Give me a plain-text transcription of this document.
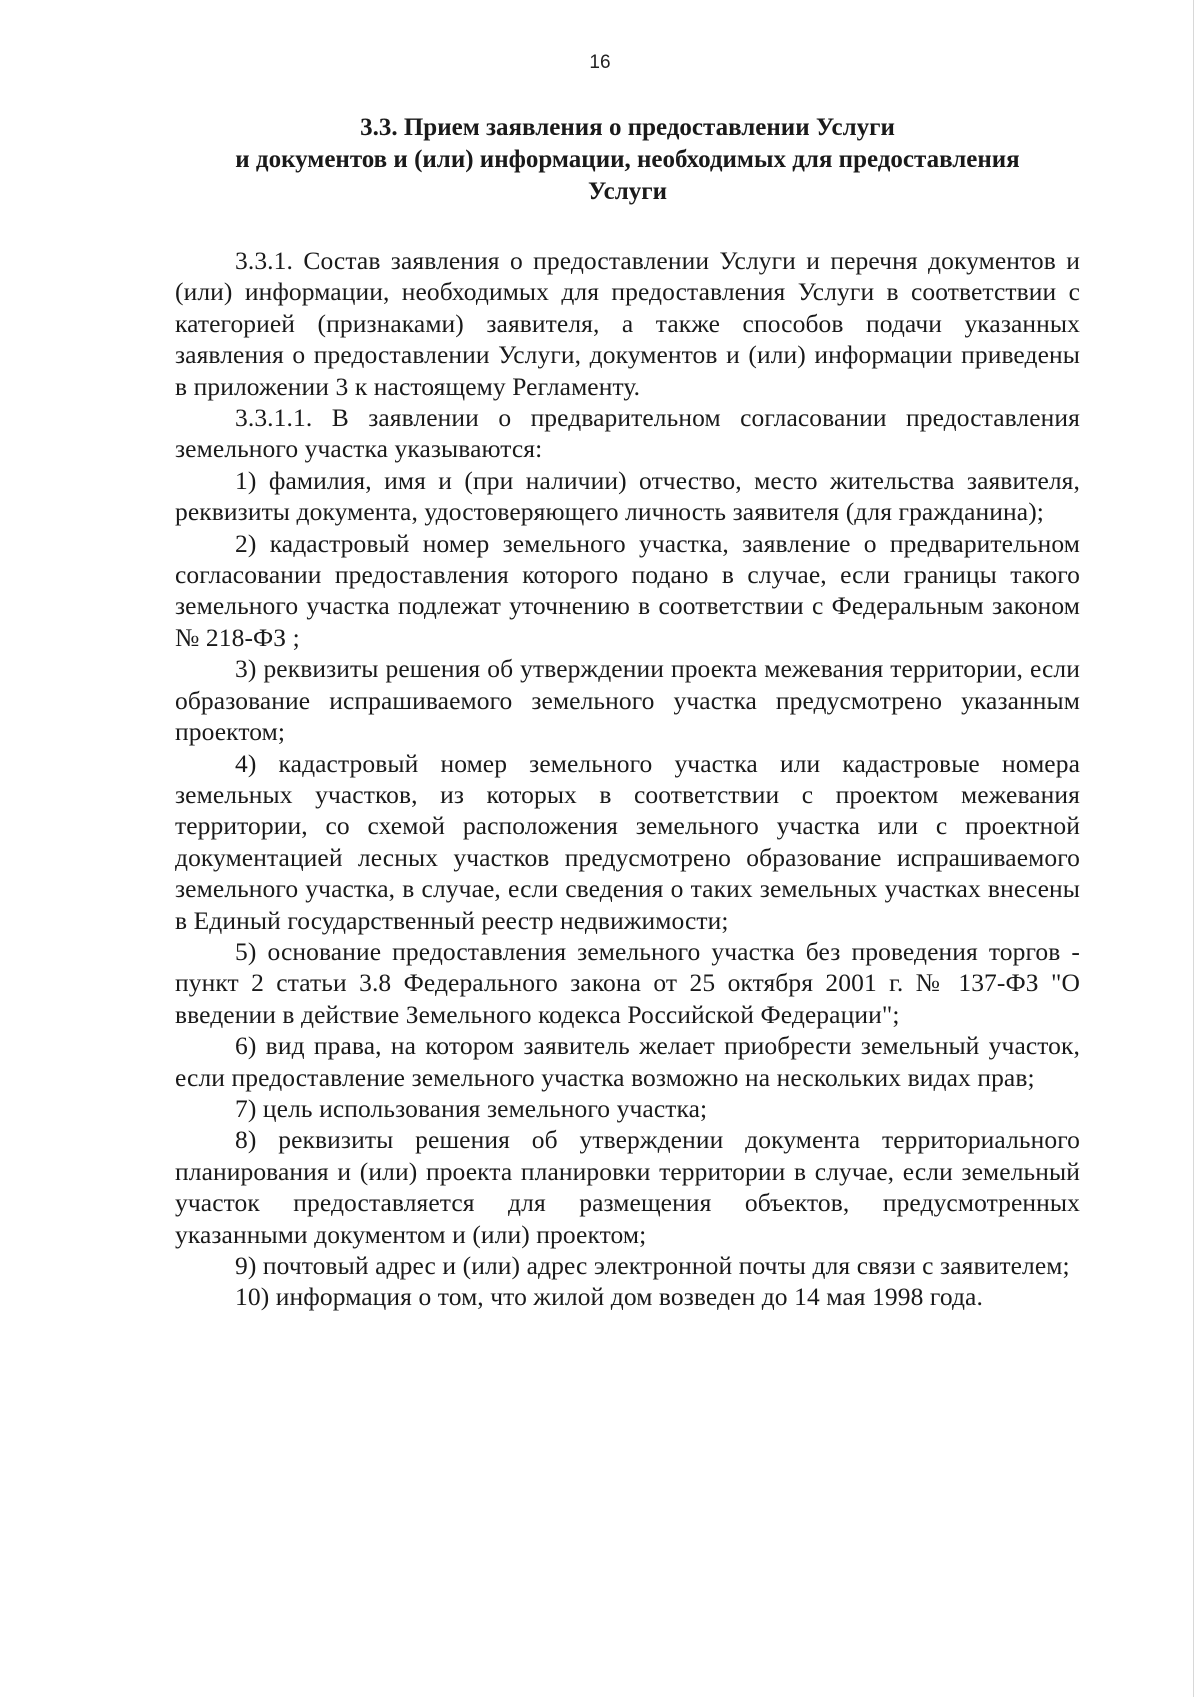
16
3.3. Прием заявления о предоставлении Услуги
и документов и (или) информации, необходимых для предоставления
Услуги

3.3.1. Состав заявления о предоставлении Услуги и перечня документов и (или) информации, необходимых для предоставления Услуги в соответствии с категорией (признаками) заявителя, а также способов подачи указанных заявления о предоставлении Услуги, документов и (или) информации приведены в приложении 3 к настоящему Регламенту.

3.3.1.1. В заявлении о предварительном согласовании предоставления земельного участка указываются:

1) фамилия, имя и (при наличии) отчество, место жительства заявителя, реквизиты документа, удостоверяющего личность заявителя (для гражданина);

2) кадастровый номер земельного участка, заявление о предварительном согласовании предоставления которого подано в случае, если границы такого земельного участка подлежат уточнению в соответствии с Федеральным законом № 218-ФЗ ;

3) реквизиты решения об утверждении проекта межевания территории, если образование испрашиваемого земельного участка предусмотрено указанным проектом;

4) кадастровый номер земельного участка или кадастровые номера земельных участков, из которых в соответствии с проектом межевания территории, со схемой расположения земельного участка или с проектной документацией лесных участков предусмотрено образование испрашиваемого земельного участка, в случае, если сведения о таких земельных участках внесены в Единый государственный реестр недвижимости;

5) основание предоставления земельного участка без проведения торгов - пункт 2 статьи 3.8 Федерального закона от 25 октября 2001 г. № 137-ФЗ "О введении в действие Земельного кодекса Российской Федерации";

6) вид права, на котором заявитель желает приобрести земельный участок, если предоставление земельного участка возможно на нескольких видах прав;

7) цель использования земельного участка;

8) реквизиты решения об утверждении документа территориального планирования и (или) проекта планировки территории в случае, если земельный участок предоставляется для размещения объектов, предусмотренных указанными документом и (или) проектом;

9) почтовый адрес и (или) адрес электронной почты для связи с заявителем;

10) информация о том, что жилой дом возведен до 14 мая 1998 года.
